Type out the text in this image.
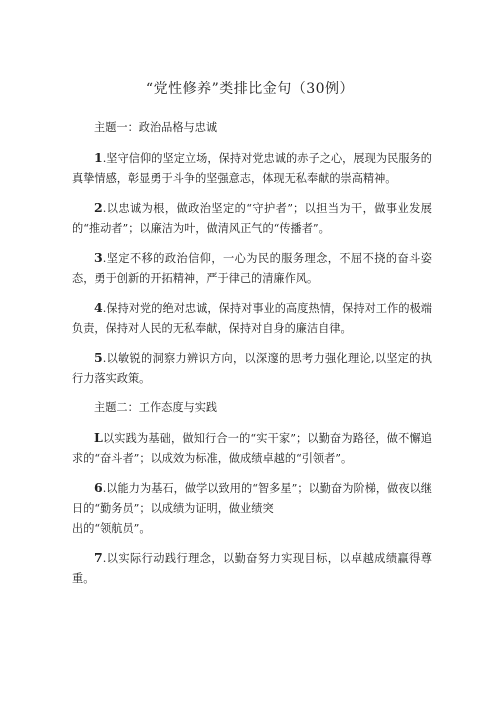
“党性修养”类排比金句（30例）

主题一：政治品格与忠诚

1.坚守信仰的坚定立场，保持对党忠诚的赤子之心，展现为民服务的真挚情感，彰显勇于斗争的坚强意志，体现无私奉献的崇高精神。

2.以忠诚为根，做政治坚定的“守护者”；以担当为干，做事业发展的“推动者”；以廉洁为叶，做清风正气的“传播者”。

3.坚定不移的政治信仰，一心为民的服务理念，不屈不挠的奋斗姿态，勇于创新的开拓精神，严于律己的清廉作风。

4.保持对党的绝对忠诚，保持对事业的高度热情，保持对工作的极端负责，保持对人民的无私奉献，保持对自身的廉洁自律。

5.以敏锐的洞察力辨识方向，以深邃的思考力强化理论,以坚定的执行力落实政策。

主题二：工作态度与实践

L以实践为基础，做知行合一的“实干家”；以勤奋为路径，做不懈追求的“奋斗者”；以成效为标准，做成绩卓越的“引领者”。

6.以能力为基石，做学以致用的“智多星”；以勤奋为阶梯，做夜以继日的“勤务员”；以成绩为证明，做业绩突
出的“领航员”。

7.以实际行动践行理念，以勤奋努力实现目标，以卓越成绩赢得尊重。
